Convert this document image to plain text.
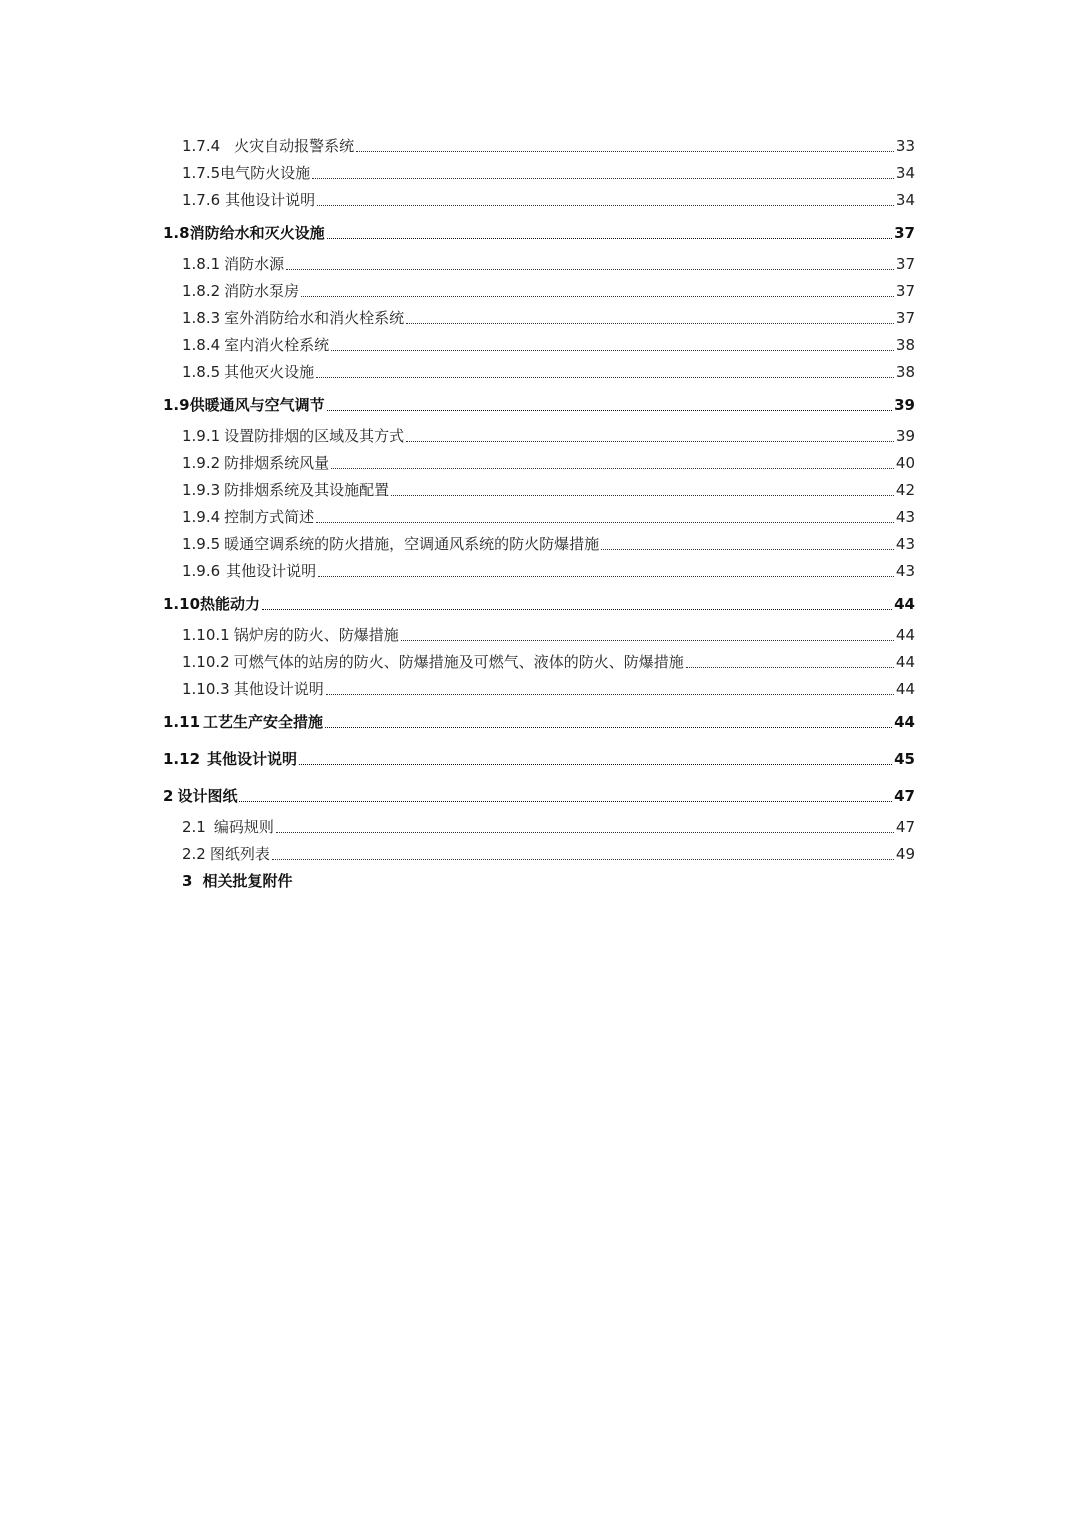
1.7.4 火灾自动报警系统	33
1.7.5电气防火设施	34
1.7.6 其他设计说明	34
1.8消防给水和灭火设施	37
1.8.1 消防水源	37
1.8.2 消防水泵房	37
1.8.3 室外消防给水和消火栓系统	37
1.8.4 室内消火栓系统	38
1.8.5 其他灭火设施	38
1.9供暖通风与空气调节	39
1.9.1 设置防排烟的区域及其方式	39
1.9.2 防排烟系统风量	40
1.9.3 防排烟系统及其设施配置	42
1.9.4 控制方式简述	43
1.9.5 暖通空调系统的防火措施，空调通风系统的防火防爆措施	43
1.9.6 其他设计说明	43
1.10热能动力	44
1.10.1 锅炉房的防火、防爆措施	44
1.10.2 可燃气体的站房的防火、防爆措施及可燃气、液体的防火、防爆措施	44
1.10.3 其他设计说明	44
1.11 工艺生产安全措施	44
1.12 其他设计说明	45
2 设计图纸	47
2.1 编码规则	47
2.2 图纸列表	49
3 相关批复附件
